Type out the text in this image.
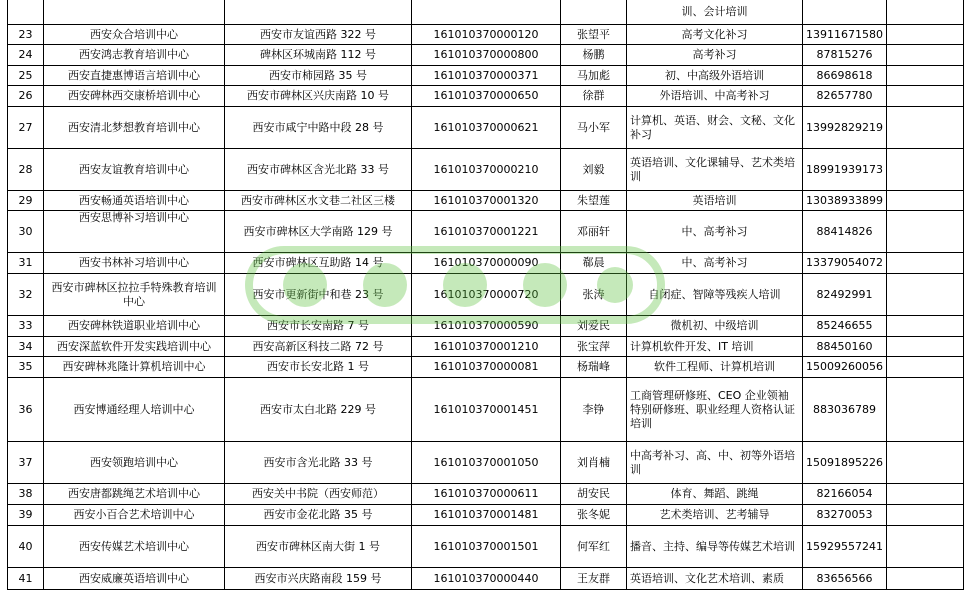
					训、会计培训		
23	西安众合培训中心	西安市友谊西路 322 号	161010370000120	张望平	高考文化补习	13911671580	
24	西安鸿志教育培训中心	碑林区环城南路 112 号	161010370000800	杨鹏	高考补习	87815276	
25	西安直捷惠博语言培训中心	西安市柿园路 35 号	161010370000371	马加彪	初、中高级外语培训	86698618	
26	西安碑林西交康桥培训中心	西安市碑林区兴庆南路 10 号	161010370000650	徐群	外语培训、中高考补习	82657780	
27	西安清北梦想教育培训中心	西安市咸宁中路中段 28 号	161010370000621	马小军	计算机、英语、财会、文秘、文化补习	13992829219	
28	西安友谊教育培训中心	西安市碑林区含光北路 33 号	161010370000210	刘毅	英语培训、文化课辅导、艺术类培训	18991939173	
29	西安畅通英语培训中心	西安市碑林区水文巷二社区三楼	161010370001320	朱望莲	英语培训	13038933899	
30	西安思博补习培训中心	西安市碑林区大学南路 129 号	161010370001221	邓丽轩	中、高考补习	88414826	
31	西安书林补习培训中心	西安市碑林区互助路 14 号	161010370000090	郗晨	中、高考补习	13379054072	
32	西安市碑林区拉拉手特殊教育培训中心	西安市更新街中和巷 23 号	161010370000720	张涛	自闭症、智障等残疾人培训	82492991	
33	西安碑林铁道职业培训中心	西安市长安南路 7 号	161010370000590	刘爱民	微机初、中级培训	85246655	
34	西安深蓝软件开发实践培训中心	西安高新区科技二路 72 号	161010370001210	张宝萍	计算机软件开发、IT 培训	88450160	
35	西安碑林兆隆计算机培训中心	西安市长安北路 1 号	161010370000081	杨瑞峰	软件工程师、计算机培训	15009260056	
36	西安博通经理人培训中心	西安市太白北路 229 号	161010370001451	李铮	工商管理研修班、CEO 企业领袖特别研修班、职业经理人资格认证培训	883036789	
37	西安领跑培训中心	西安市含光北路 33 号	161010370001050	刘肖楠	中高考补习、高、中、初等外语培训	15091895226	
38	西安唐都跳绳艺术培训中心	西安关中书院（西安师范）	161010370000611	胡安民	体育、舞蹈、跳绳	82166054	
39	西安小百合艺术培训中心	西安市金花北路 35 号	161010370001481	张冬妮	艺术类培训、艺考辅导	83270053	
40	西安传媒艺术培训中心	西安市碑林区南大街 1 号	161010370001501	何军红	播音、主持、编导等传媒艺术培训	15929557241	
41	西安威廉英语培训中心	西安市兴庆路南段 159 号	161010370000440	王友群	英语培训、文化艺术培训、素质	83656566	
